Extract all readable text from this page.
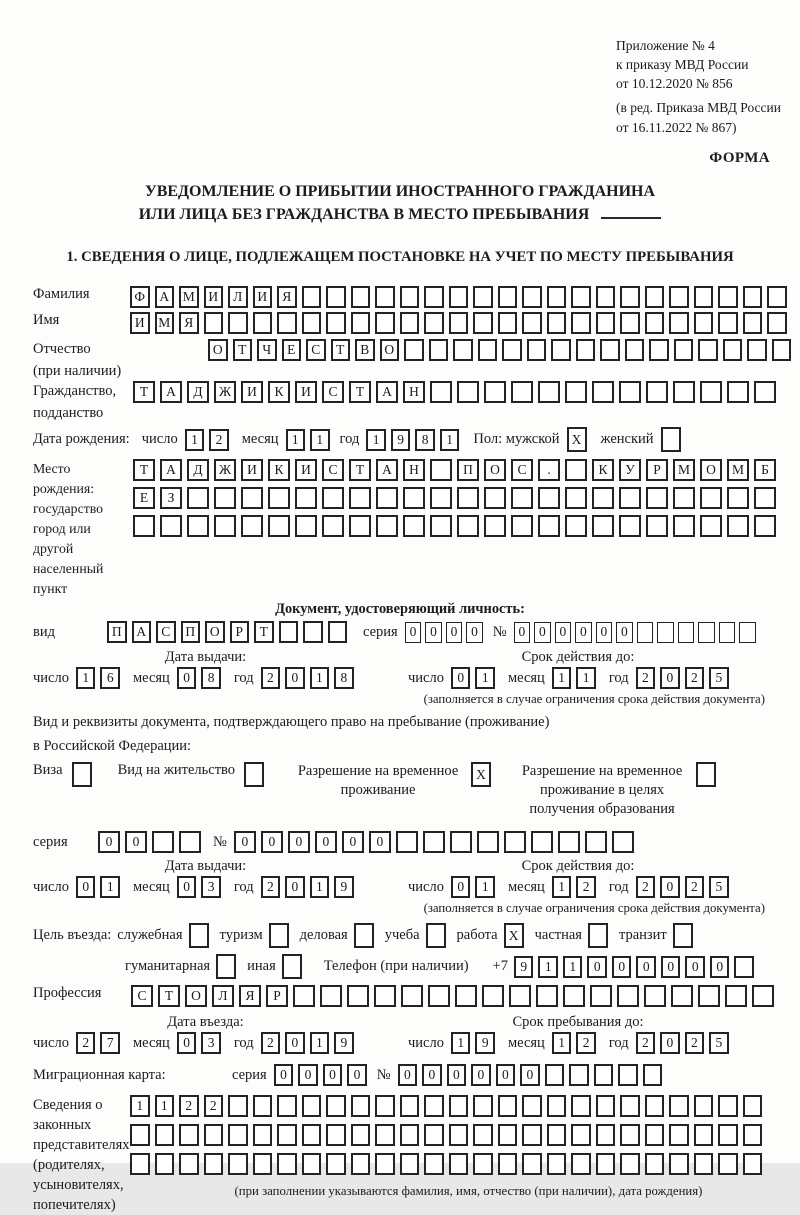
Приложение № 4
к приказу МВД России
от 10.12.2020 № 856
(в ред. Приказа МВД России
от 16.11.2022 № 867)
ФОРМА
УВЕДОМЛЕНИЕ О ПРИБЫТИИ ИНОСТРАННОГО ГРАЖДАНИНА
ИЛИ ЛИЦА БЕЗ ГРАЖДАНСТВА В МЕСТО ПРЕБЫВАНИЯ
1. СВЕДЕНИЯ О ЛИЦЕ, ПОДЛЕЖАЩЕМ ПОСТАНОВКЕ НА УЧЕТ ПО МЕСТУ ПРЕБЫВАНИЯ
Фамилия	Ф	А	М	И	Л	И	Я
Имя	И	М	Я
Отчество
(при наличии)
О	Т	Ч	Е	С	Т	В	О
Гражданство,
подданство
Т	А	Д	Ж	И	К	И	С	Т	А	Н
Дата рождения: число 1	2	месяц 1	1	год 1	9	8	1	Пол: мужской X	женский
Место рождения:
государство
город или другой
населенный пункт
Т	А	Д	Ж	И	К	И	С	Т	А	Н	П	О	С	.	К	У	Р	М	О	М	Б
Е	З
Документ, удостоверяющий личность:
вид	П	А	С	П	О	Р	Т	серия 0	0	0	0	№ 0	0	0	0	0	0
Дата выдачи:	Срок действия до:
число 1	6	месяц 0	8	год 2	0	1	8	число 0	1	месяц 1	1	год 2	0	2	5
(заполняется в случае ограничения срока действия документа)
Вид и реквизиты документа, подтверждающего право на пребывание (проживание)
в Российской Федерации:
Виза	Вид на жительство	Разрешение на временное
проживание
X	Разрешение на временное
проживание в целях
получения образования
серия	0	0	№	0	0	0	0	0	0
Дата выдачи:	Срок действия до:
число 0	1	месяц 0	3	год 2	0	1	9	число 0	1	месяц 1	2	год 2	0	2	5
(заполняется в случае ограничения срока действия документа)
Цель въезда: служебная	туризм	деловая	учеба	работа X	частная	транзит
гуманитарная	иная	Телефон (при наличии) +7 9	1	1	0	0	0	0	0	0
Профессия	С	Т	О	Л	Я	Р
Дата въезда:	Срок пребывания до:
число 2	7	месяц 0	3	год 2	0	1	9	число 1	9	месяц 1	2	год 2	0	2	5
Миграционная карта:	серия 0	0	0	0	№ 0	0	0	0	0	0
Сведения о
законных
представителях
(родителях,
усыновителях,
попечителях)
1	1	2	2
(при заполнении указываются фамилия, имя, отчество (при наличии), дата рождения)
